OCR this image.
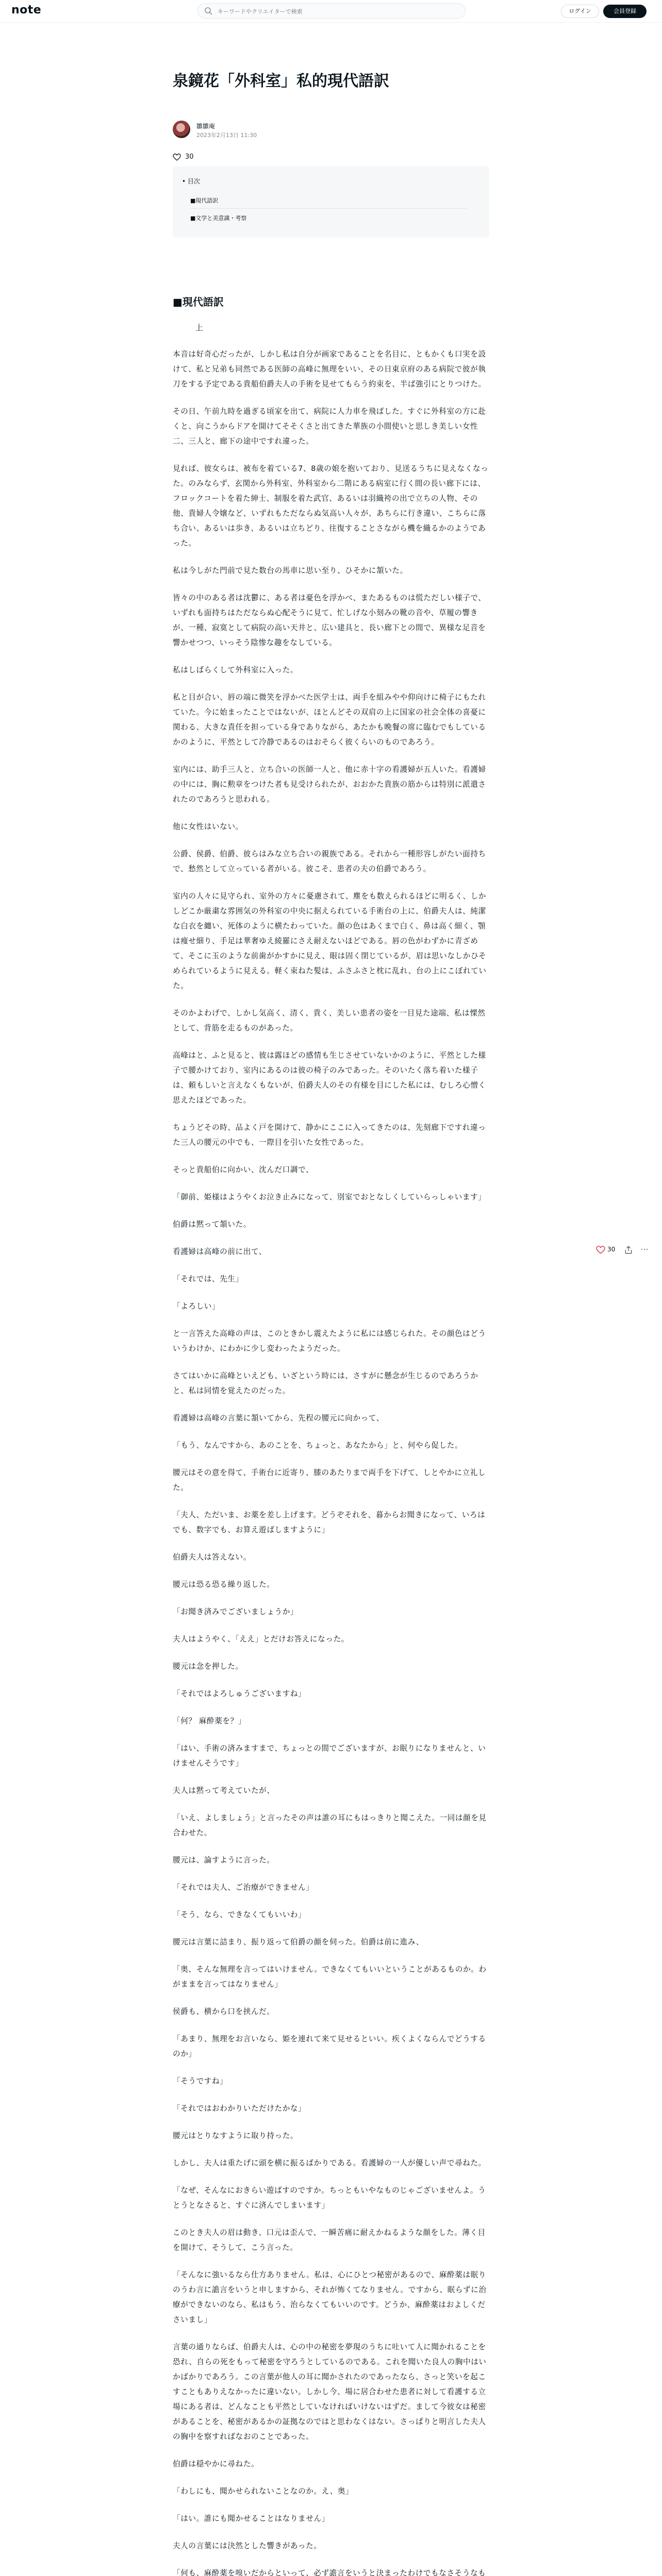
note
キーワードやクリエイターで検索	ログイン	会員登録
泉鏡花「外科室」私的現代語訳
雛雛庵
2023年2月13日 11:30
30
• 目次
■現代語訳
■文学と美意識・考察
■現代語訳

上

本音は好奇心だったが、しかし私は自分が画家であることを名目に、ともかくも口実を設けて、私と兄弟も同然である医師の高峰に無理をいい、その日東京府のある病院で彼が執刀をする予定である貴船伯爵夫人の手術を見せてもらう約束を、半ば強引にとりつけた。

その日、午前九時を過ぎる頃家を出て、病院に人力車を飛ばした。すぐに外科室の方に赴くと、向こうからドアを開けてそそくさと出てきた華族の小間使いと思しき美しい女性二、三人と、廊下の途中ですれ違った。

見れば、彼女らは、被布を着ている7、8歳の娘を抱いており、見送るうちに見えなくなった。のみならず、玄関から外科室、外科室から二階にある病室に行く間の長い廊下には、フロックコートを着た紳士、制服を着た武官、あるいは羽織袴の出で立ちの人物、その他、貴婦人令嬢など、いずれもただならぬ気高い人々が、あちらに行き違い、こちらに落ち合い、あるいは歩き、あるいは立ちどり、往復することさながら機を織るかのようであった。

私は今しがた門前で見た数台の馬車に思い至り、ひそかに頷いた。

皆々の中のある者は沈鬱に、ある者は憂色を浮かべ、またあるものは慌ただしい様子で、いずれも面持ちはただならぬ心配そうに見て、忙しげな小刻みの靴の音や、草履の響きが、一種、寂寞として病院の高い天井と、広い建具と、長い廊下との間で、異様な足音を響かせつつ、いっそう陰惨な趣をなしている。

私はしばらくして外科室に入った。

私と目が合い、唇の端に微笑を浮かべた医学士は、両手を組みやや仰向けに椅子にもたれていた。今に始まったことではないが、ほとんどその双肩の上に国家の社会全体の喜憂に関わる、大きな責任を担っている身でありながら、あたかも晩餐の席に臨むでもしているかのように、平然として冷静であるのはおそらく彼くらいのものであろう。

室内には、助手三人と、立ち合いの医師一人と、他に赤十字の看護婦が五人いた。看護婦の中には、胸に勲章をつけた者も見受けられたが、おおかた貴族の筋からは特別に派遣されたのであろうと思われる。

他に女性はいない。

公爵、侯爵、伯爵、彼らはみな立ち合いの親族である。それから一種形容しがたい面持ちで、愁然として立っている者がいる。彼こそ、患者の夫の伯爵であろう。

室内の人々に見守られ、室外の方々に憂慮されて、塵をも数えられるほどに明るく、しかしどこか厳粛な雰囲気の外科室の中央に据えられている手術台の上に、伯爵夫人は、純潔な白衣を纏い、死体のように横たわっていた。顔の色はあくまで白く、鼻は高く細く、顎は痩せ細り、手足は華奢ゆえ綾羅にさえ耐えないほどである。唇の色がわずかに青ざめて、そこに玉のような前歯がかすかに見え、眼は固く閉じているが、眉は思いなしかひそめられているように見える。軽く束ねた髪は、ふさふさと枕に乱れ、台の上にこぼれていた。

そのかよわげで、しかし気高く、清く、貴く、美しい患者の姿を一目見た途端、私は慄然として、背筋を走るものがあった。

高峰はと、ふと見ると、彼は露ほどの感情も生じさせていないかのように、平然とした様子で腰かけており、室内にあるのは彼の椅子のみであった。そのいたく落ち着いた様子は、頼もしいと言えなくもないが、伯爵夫人のその有様を目にした私には、むしろ心憎く思えたほどであった。

ちょうどその時、品よく戸を開けて、静かにここに入ってきたのは、先刻廊下ですれ違った三人の腰元の中でも、一際目を引いた女性であった。

そっと貴船伯に向かい、沈んだ口調で、

「御前、姫様はようやくお泣き止みになって、別室でおとなしくしていらっしゃいます」

伯爵は黙って頷いた。

看護婦は高峰の前に出て、

「それでは、先生」

「よろしい」

と一言答えた高峰の声は、このときかし震えたように私には感じられた。その顔色はどういうわけか、にわかに少し変わったようだった。

さてはいかに高峰といえども、いざという時には、さすがに懸念が生じるのであろうかと、私は同情を覚えたのだった。

看護婦は高峰の言葉に頷いてから、先程の腰元に向かって、

「もう、なんですから、あのことを、ちょっと、あなたから」と、何やら促した。

腰元はその意を得て、手術台に近寄り、膝のあたりまで両手を下げて、しとやかに立礼した。

「夫人、ただいま、お薬を差し上げます。どうぞそれを、暮からお聞きになって、いろはでも、数字でも、お算え遊ばしますように」

伯爵夫人は答えない。

腰元は恐る恐る繰り返した。

「お聞き済みでございましょうか」

夫人はようやく、「ええ」とだけお答えになった。

腰元は念を押した。

「それではよろしゅうございますね」

「何？ 麻酔薬を？」

「はい、手術の済みますまで、ちょっとの間でございますが、お眠りになりませんと、いけませんそうです」

夫人は黙って考えていたが、

「いえ、よしましょう」と言ったその声は誰の耳にもはっきりと聞こえた。一同は顔を見合わせた。

腰元は、論すように言った。

「それでは夫人、ご治療ができません」

「そう、なら、できなくてもいいわ」

腰元は言葉に詰まり、振り返って伯爵の顔を伺った。伯爵は前に進み、

「奥、そんな無理を言ってはいけません。できなくてもいいということがあるものか。わがままを言ってはなりません」

侯爵も、横から口を挟んだ。

「あまり、無理をお言いなら、姫を連れて来て見せるといい。疾くよくならんでどうするのか」

「そうですね」

「それではおわかりいただけたかな」

腰元はとりなすように取り持った。

しかし、夫人は重たげに頭を横に振るばかりである。看護婦の一人が優しい声で尋ねた。

「なぜ、そんなにおきらい遊ばすのですか。ちっともいやなものじゃございませんよ。うとうとなさると、すぐに済んでしまいます」

このとき夫人の眉は動き、口元は歪んで、一瞬苦痛に耐えかねるような顔をした。薄く目を開けて、そうして、こう言った。

「そんなに強いるなら仕方ありません。私は、心にひとつ秘密があるので、麻酔薬は眠りのうわ言に譫言をいうと申しますから、それが怖くてなりません。ですから、眠らずに治療ができないのなら、私はもう、治らなくてもいいのです。どうか、麻酔薬はおよしくださいまし」

言葉の通りならば、伯爵夫人は、心の中の秘密を夢現のうちに吐いて人に聞かれることを恐れ、自らの死をもって秘密を守ろうとしているのである。これを聞いた良人の胸中はいかばかりであろう。この言葉が他人の耳に聞かされたのであったなら、さっと笑いを起こすこともありえなかったに違いない。しかし今、場に居合わせた患者に対して看護する立場にある者は、どんなことも平然としていなければいけないはずだ。まして今彼女は秘密があることを、秘密があるかの証拠なのではと思わなくはない。さっぱりと明言した夫人の胸中を察すればなおのことであった。

伯爵は穏やかに尋ねた。

「わしにも、聞かせられないことなのか。え、奥」

「はい。誰にも聞かせることはなりません」

夫人の言葉には決然とした響きがあった。

「何も、麻酔薬を嗅いだからといって、必ず譫言をいうと決まったわけでもなさそうなも

30	⋯
